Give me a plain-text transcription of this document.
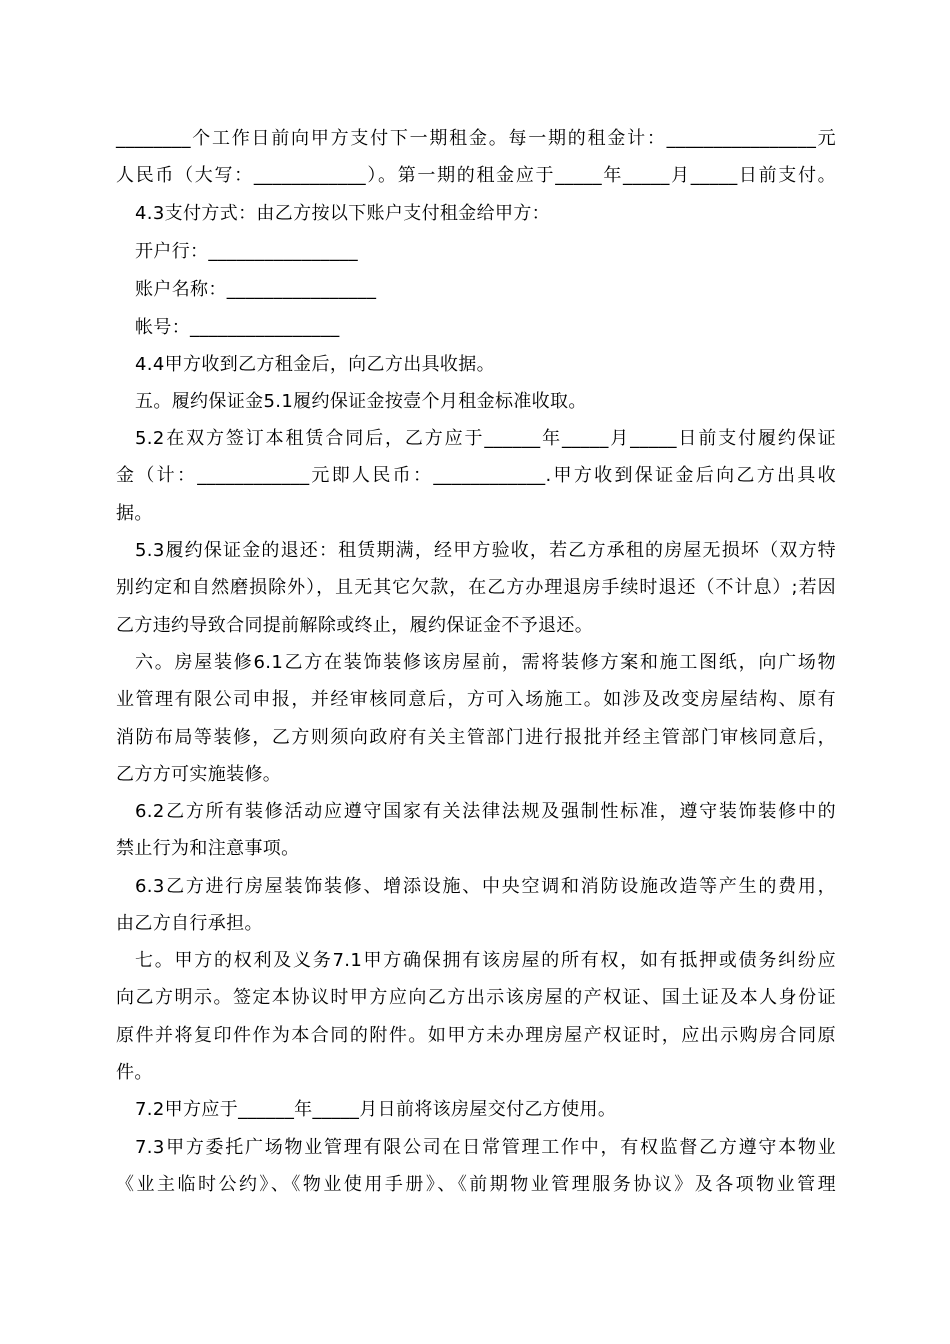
________个工作日前向甲方支付下一期租金。每一期的租金计：________________元
人民币（大写：____________）。第一期的租金应于_____年_____月_____日前支付。
4.3支付方式：由乙方按以下账户支付租金给甲方：
开户行：________________
账户名称：________________
帐号：________________
4.4甲方收到乙方租金后，向乙方出具收据。
五。履约保证金5.1履约保证金按壹个月租金标准收取。
5.2在双方签订本租赁合同后，乙方应于______年_____月_____日前支付履约保证
金（计：____________元即人民币：____________.甲方收到保证金后向乙方出具收
据。
5.3履约保证金的退还：租赁期满，经甲方验收，若乙方承租的房屋无损坏（双方特
别约定和自然磨损除外），且无其它欠款，在乙方办理退房手续时退还（不计息）;若因
乙方违约导致合同提前解除或终止，履约保证金不予退还。
六。房屋装修6.1乙方在装饰装修该房屋前，需将装修方案和施工图纸，向广场物
业管理有限公司申报，并经审核同意后，方可入场施工。如涉及改变房屋结构、原有
消防布局等装修，乙方则须向政府有关主管部门进行报批并经主管部门审核同意后，
乙方方可实施装修。
6.2乙方所有装修活动应遵守国家有关法律法规及强制性标准，遵守装饰装修中的
禁止行为和注意事项。
6.3乙方进行房屋装饰装修、增添设施、中央空调和消防设施改造等产生的费用，
由乙方自行承担。
七。甲方的权利及义务7.1甲方确保拥有该房屋的所有权，如有抵押或债务纠纷应
向乙方明示。签定本协议时甲方应向乙方出示该房屋的产权证、国土证及本人身份证
原件并将复印件作为本合同的附件。如甲方未办理房屋产权证时，应出示购房合同原
件。
7.2甲方应于______年_____月日前将该房屋交付乙方使用。
7.3甲方委托广场物业管理有限公司在日常管理工作中，有权监督乙方遵守本物业
《业主临时公约》、《物业使用手册》、《前期物业管理服务协议》及各项物业管理
